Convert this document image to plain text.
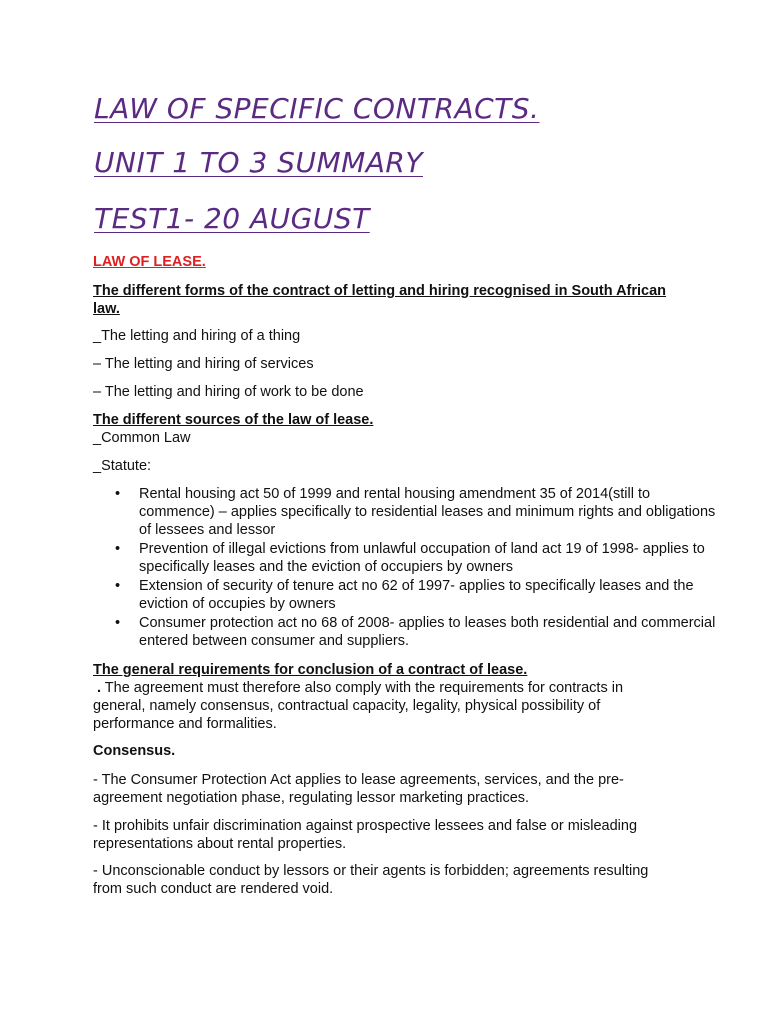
LAW OF SPECIFIC CONTRACTS.
UNIT 1 TO 3 SUMMARY
TEST1- 20 AUGUST

LAW OF LEASE.

The different forms of the contract of letting and hiring recognised in South African law.

_The letting and hiring of a thing

– The letting and hiring of services

– The letting and hiring of work to be done

The different sources of the law of lease.

_Common Law

_Statute:

• Rental housing act 50 of 1999 and rental housing amendment 35 of 2014(still to commence) – applies specifically to residential leases and minimum rights and obligations of lessees and lessor
• Prevention of illegal evictions from unlawful occupation of land act 19 of 1998- applies to specifically leases and the eviction of occupiers by owners
• Extension of security of tenure act no 62 of 1997- applies to specifically leases and the eviction of occupies by owners
• Consumer protection act no 68 of 2008- applies to leases both residential and commercial entered between consumer and suppliers.

The general requirements for conclusion of a contract of lease.

. The agreement must therefore also comply with the requirements for contracts in general, namely consensus, contractual capacity, legality, physical possibility of performance and formalities.

Consensus.

- The Consumer Protection Act applies to lease agreements, services, and the pre-agreement negotiation phase, regulating lessor marketing practices.

- It prohibits unfair discrimination against prospective lessees and false or misleading representations about rental properties.

- Unconscionable conduct by lessors or their agents is forbidden; agreements resulting from such conduct are rendered void.
